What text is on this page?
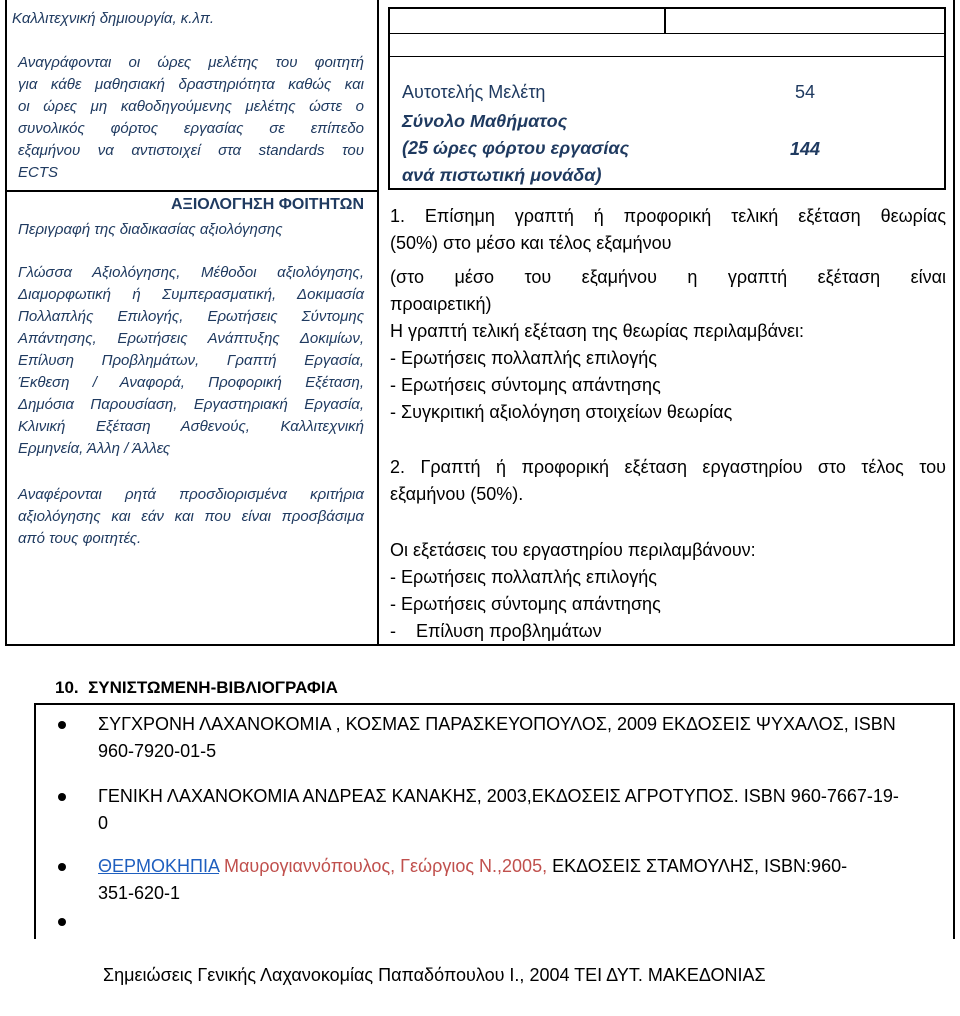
Καλλιτεχνική δημιουργία, κ.λπ.
Αναγράφονται οι ώρες μελέτης του φοιτητή
για κάθε μαθησιακή δραστηριότητα καθώς και
οι ώρες μη καθοδηγούμενης μελέτης ώστε ο
συνολικός φόρτος εργασίας σε επίπεδο
εξαμήνου να αντιστοιχεί στα standards του
ECTS
ΑΞΙΟΛΟΓΗΣΗ ΦΟΙΤΗΤΩΝ
Περιγραφή της διαδικασίας αξιολόγησης
Γλώσσα Αξιολόγησης, Μέθοδοι αξιολόγησης,
Διαμορφωτική ή Συμπερασματική, Δοκιμασία
Πολλαπλής Επιλογής, Ερωτήσεις Σύντομης
Απάντησης, Ερωτήσεις Ανάπτυξης Δοκιμίων,
Επίλυση Προβλημάτων, Γραπτή Εργασία,
Έκθεση / Αναφορά, Προφορική Εξέταση,
Δημόσια Παρουσίαση, Εργαστηριακή Εργασία,
Κλινική Εξέταση Ασθενούς, Καλλιτεχνική
Ερμηνεία, Άλλη / Άλλες
Αναφέρονται ρητά προσδιορισμένα κριτήρια
αξιολόγησης και εάν και που είναι προσβάσιμα
από τους φοιτητές.
Αυτοτελής Μελέτη	54
Σύνολο Μαθήματος
(25 ώρες φόρτου εργασίας
ανά πιστωτική μονάδα)
144
1. Επίσημη γραπτή ή προφορική τελική εξέταση θεωρίας
(50%) στο μέσο και τέλος εξαμήνου
(στο μέσο του εξαμήνου η γραπτή εξέταση είναι
προαιρετική)
Η γραπτή τελική εξέταση της θεωρίας περιλαμβάνει:
- Ερωτήσεις πολλαπλής επιλογής
- Ερωτήσεις σύντομης απάντησης
- Συγκριτική αξιολόγηση στοιχείων θεωρίας
2. Γραπτή ή προφορική εξέταση εργαστηρίου στο τέλος του
εξαμήνου (50%).
Οι εξετάσεις του εργαστηρίου περιλαμβάνουν:
- Ερωτήσεις πολλαπλής επιλογής
- Ερωτήσεις σύντομης απάντησης
-    Επίλυση προβλημάτων
10.  ΣΥΝΙΣΤΩΜΕΝΗ-ΒΙΒΛΙΟΓΡΑΦΙΑ
ΣΥΓΧΡΟΝΗ ΛΑΧΑΝΟΚΟΜΙΑ , ΚΟΣΜΑΣ ΠΑΡΑΣΚΕΥΟΠΟΥΛΟΣ, 2009 ΕΚΔΟΣΕΙΣ ΨΥΧΑΛΟΣ, ISBN
960-7920-01-5
ΓΕΝΙΚΗ ΛΑΧΑΝΟΚΟΜΙΑ ΑΝΔΡΕΑΣ ΚΑΝΑΚΗΣ, 2003,ΕΚΔΟΣΕΙΣ ΑΓΡΟΤΥΠΟΣ. ISBN 960-7667-19-
0
ΘΕΡΜΟΚΗΠΙΑ Μαυρογιαννόπουλος, Γεώργιος Ν.,2005, ΕΚΔΟΣΕΙΣ ΣΤΑΜΟΥΛΗΣ, ISBN:960-
351-620-1

Σημειώσεις Γενικής Λαχανοκομίας Παπαδόπουλου Ι., 2004 ΤΕΙ ΔΥΤ. ΜΑΚΕΔΟΝΙΑΣ
